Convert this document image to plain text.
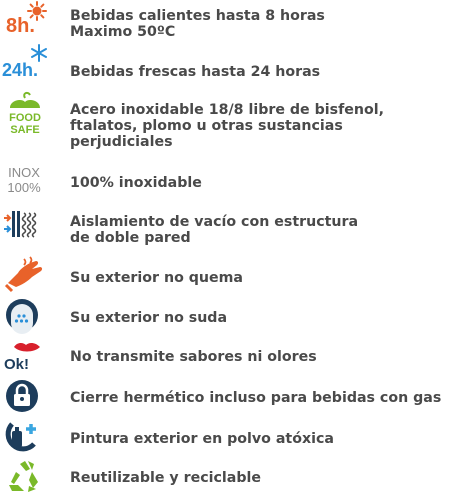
8h. Bebidas calientes hasta 8 horas
Maximo 50ºC
24h. Bebidas frescas hasta 24 horas
FOOD
SAFE
Acero inoxidable 18/8 libre de bisfenol,
ftalatos, plomo u otras sustancias
perjudiciales
INOX
100% 100% inoxidable
Aislamiento de vacío con estructura
de doble pared
Su exterior no quema
Su exterior no suda
Ok!	No transmite sabores ni olores
Cierre hermético incluso para bebidas con gas
Pintura exterior en polvo atóxica
Reutilizable y reciclable
